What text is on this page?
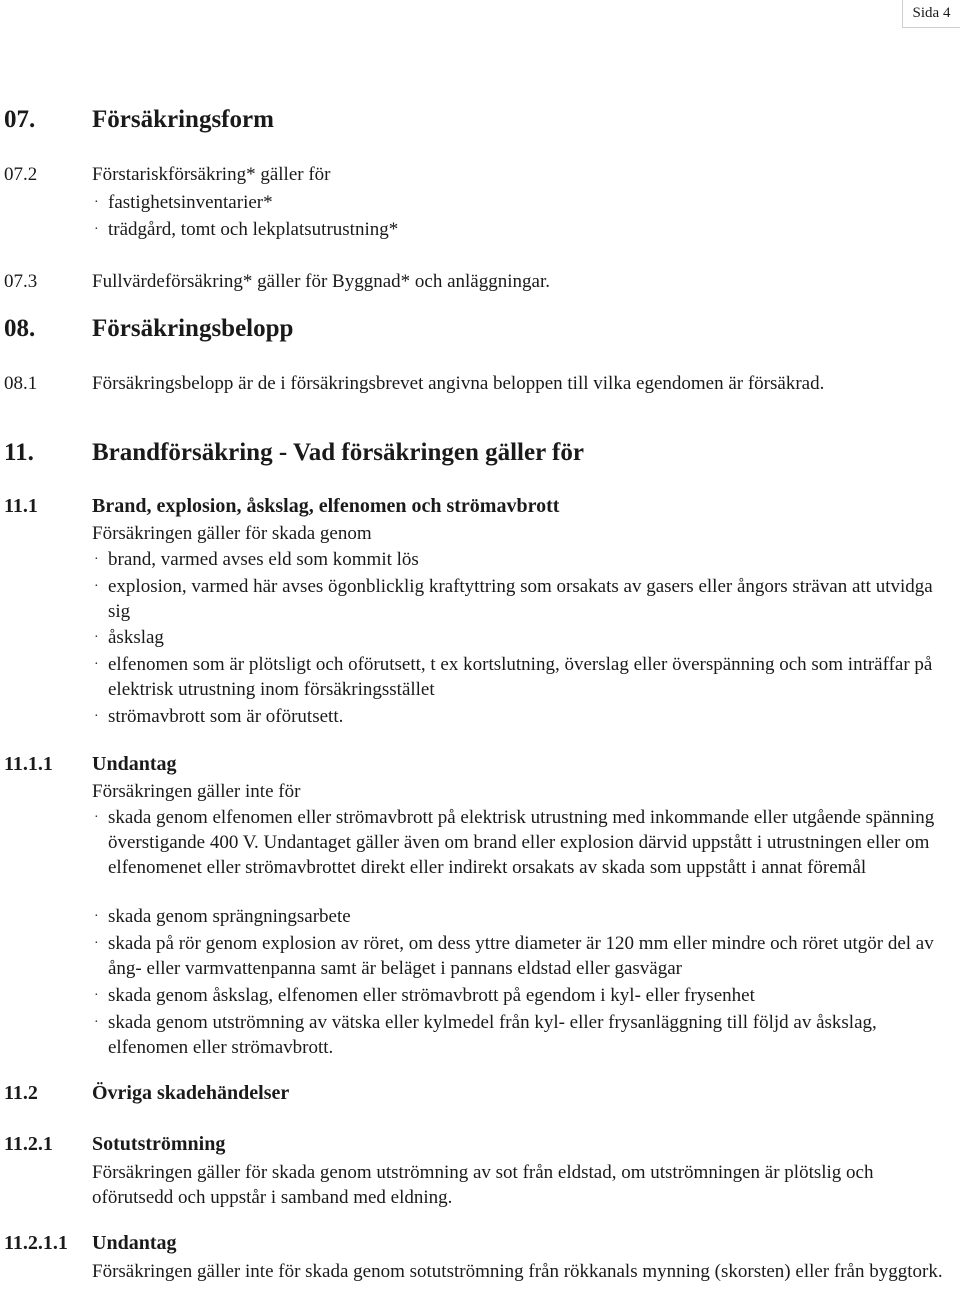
Sida 4
07. Försäkringsform
07.2	Förstariskförsäkring* gäller för
· fastighetsinventarier*
· trädgård, tomt och lekplatsutrustning*
07.3	Fullvärdeförsäkring* gäller för Byggnad* och anläggningar.
08. Försäkringsbelopp
08.1	Försäkringsbelopp är de i försäkringsbrevet angivna beloppen till vilka egendomen är försäkrad.
11. Brandförsäkring - Vad försäkringen gäller för
11.1	Brand, explosion, åskslag, elfenomen och strömavbrott
Försäkringen gäller för skada genom
· brand, varmed avses eld som kommit lös
· explosion, varmed här avses ögonblicklig kraftyttring som orsakats av gasers eller ångors strävan att utvidga sig
· åskslag
· elfenomen som är plötsligt och oförutsett, t ex kortslutning, överslag eller överspänning och som inträffar på elektrisk utrustning inom försäkringsstället
· strömavbrott som är oförutsett.
11.1.1 Undantag
Försäkringen gäller inte för
· skada genom elfenomen eller strömavbrott på elektrisk utrustning med inkommande eller utgående spänning överstigande 400 V. Undantaget gäller även om brand eller explosion därvid uppstått i utrustningen eller om elfenomenet eller strömavbrottet direkt eller indirekt orsakats av skada som uppstått i annat föremål
· skada genom sprängningsarbete
· skada på rör genom explosion av röret, om dess yttre diameter är 120 mm eller mindre och röret utgör del av ång- eller varmvattenpanna samt är beläget i pannans eldstad eller gasvägar
· skada genom åskslag, elfenomen eller strömavbrott på egendom i kyl- eller frysenhet
· skada genom utströmning av vätska eller kylmedel från kyl- eller frysanläggning till följd av åskslag, elfenomen eller strömavbrott.
11.2	Övriga skadehändelser
11.2.1 Sotutströmning
Försäkringen gäller för skada genom utströmning av sot från eldstad, om utströmningen är plötslig och oförutsedd och uppstår i samband med eldning.
11.2.1.1 Undantag
Försäkringen gäller inte för skada genom sotutströmning från rökkanals mynning (skorsten) eller från byggtork.
